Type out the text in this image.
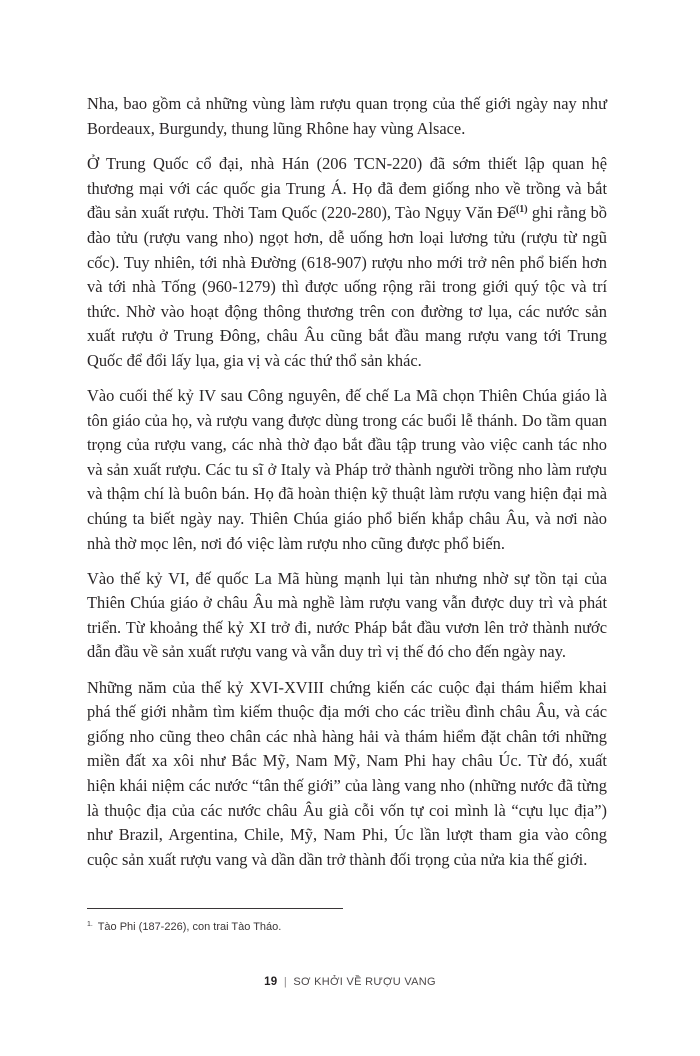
Nha, bao gồm cả những vùng làm rượu quan trọng của thế giới ngày nay như Bordeaux, Burgundy, thung lũng Rhône hay vùng Alsace.

Ở Trung Quốc cổ đại, nhà Hán (206 TCN-220) đã sớm thiết lập quan hệ thương mại với các quốc gia Trung Á. Họ đã đem giống nho về trồng và bắt đầu sản xuất rượu. Thời Tam Quốc (220-280), Tào Ngụy Văn Đế$^{(1)}$ ghi rằng bồ đào tửu (rượu vang nho) ngọt hơn, dễ uống hơn loại lương tửu (rượu từ ngũ cốc). Tuy nhiên, tới nhà Đường (618-907) rượu nho mới trở nên phổ biến hơn và tới nhà Tống (960-1279) thì được uống rộng rãi trong giới quý tộc và trí thức. Nhờ vào hoạt động thông thương trên con đường tơ lụa, các nước sản xuất rượu ở Trung Đông, châu Âu cũng bắt đầu mang rượu vang tới Trung Quốc để đổi lấy lụa, gia vị và các thứ thổ sản khác.

Vào cuối thế kỷ IV sau Công nguyên, đế chế La Mã chọn Thiên Chúa giáo là tôn giáo của họ, và rượu vang được dùng trong các buổi lễ thánh. Do tầm quan trọng của rượu vang, các nhà thờ đạo bắt đầu tập trung vào việc canh tác nho và sản xuất rượu. Các tu sĩ ở Italy và Pháp trở thành người trồng nho làm rượu và thậm chí là buôn bán. Họ đã hoàn thiện kỹ thuật làm rượu vang hiện đại mà chúng ta biết ngày nay. Thiên Chúa giáo phổ biến khắp châu Âu, và nơi nào nhà thờ mọc lên, nơi đó việc làm rượu nho cũng được phổ biến.

Vào thế kỷ VI, đế quốc La Mã hùng mạnh lụi tàn nhưng nhờ sự tồn tại của Thiên Chúa giáo ở châu Âu mà nghề làm rượu vang vẫn được duy trì và phát triển. Từ khoảng thế kỷ XI trở đi, nước Pháp bắt đầu vươn lên trở thành nước dẫn đầu về sản xuất rượu vang và vẫn duy trì vị thế đó cho đến ngày nay.

Những năm của thế kỷ XVI-XVIII chứng kiến các cuộc đại thám hiểm khai phá thế giới nhằm tìm kiếm thuộc địa mới cho các triều đình châu Âu, và các giống nho cũng theo chân các nhà hàng hải và thám hiểm đặt chân tới những miền đất xa xôi như Bắc Mỹ, Nam Mỹ, Nam Phi hay châu Úc. Từ đó, xuất hiện khái niệm các nước “tân thế giới” của làng vang nho (những nước đã từng là thuộc địa của các nước châu Âu già cỗi vốn tự coi mình là “cựu lục địa”) như Brazil, Argentina, Chile, Mỹ, Nam Phi, Úc lần lượt tham gia vào công cuộc sản xuất rượu vang và dần dần trở thành đối trọng của nửa kia thế giới.

$^{1.}$ Tào Phi (187-226), con trai Tào Tháo.
19 | SƠ KHỞI VỀ RƯỢU VANG
